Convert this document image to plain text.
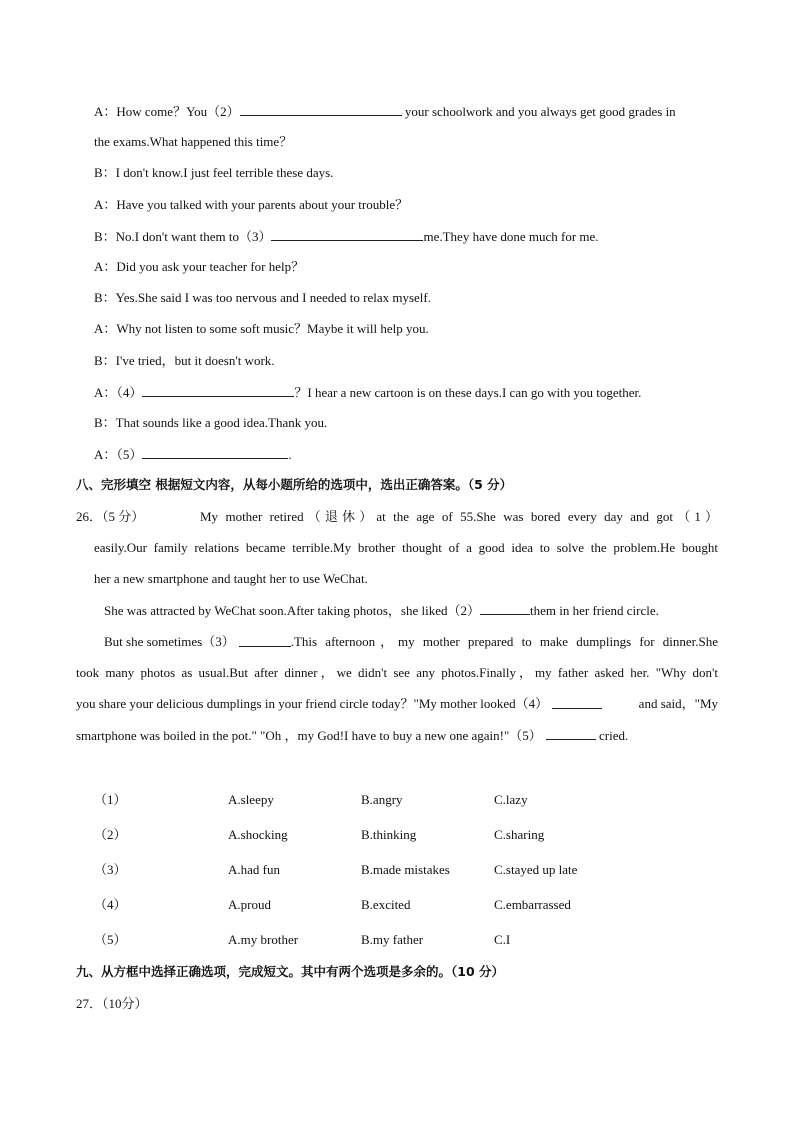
A：How come？You（2）	your schoolwork and you always get good grades in
the exams.What happened this time？
B：I don't know.I just feel terrible these days.
A：Have you talked with your parents about your trouble？
B：No.I don't want them to（3）	me.They have done much for me.
A：Did you ask your teacher for help？
B：Yes.She said I was too nervous and I needed to relax myself.
A：Why not listen to some soft music？Maybe it will help you.
B：I've tried，but it doesn't work.
A：（4）	？I hear a new cartoon is on these days.I can go with you together.
B：That sounds like a good idea.Thank you.
A：（5）	.
八、完形填空 根据短文内容，从每小题所给的选项中，选出正确答案。（5 分）
26．（5 分）	My mother retired（退休）at the age of 55.She was bored every day and got（1）
easily.Our family relations became terrible.My brother thought of a good idea to solve the problem.He bought
her a new smartphone and taught her to use WeChat.
She was attracted by WeChat soon.After taking photos，she liked（2）	them in her friend circle.
But she sometimes（3）	.This afternoon，my mother prepared to make dumplings for dinner.She
took many photos as usual.But after dinner，we didn't see any photos.Finally，my father asked her. "Why don't
you share your delicious dumplings in your friend circle today？"My mother looked（4）	and said，"My
smartphone was boiled in the pot." "Oh ，my God!I have to buy a new one again!"（5）	cried.
（1）	A.sleepy	B.angry	C.lazy
（2）	A.shocking	B.thinking	C.sharing
（3）	A.had fun	B.made mistakes	C.stayed up late
（4）	A.proud	B.excited	C.embarrassed
（5）	A.my brother	B.my father	C.I
九、从方框中选择正确选项，完成短文。其中有两个选项是多余的。（10 分）
27．（10分）
